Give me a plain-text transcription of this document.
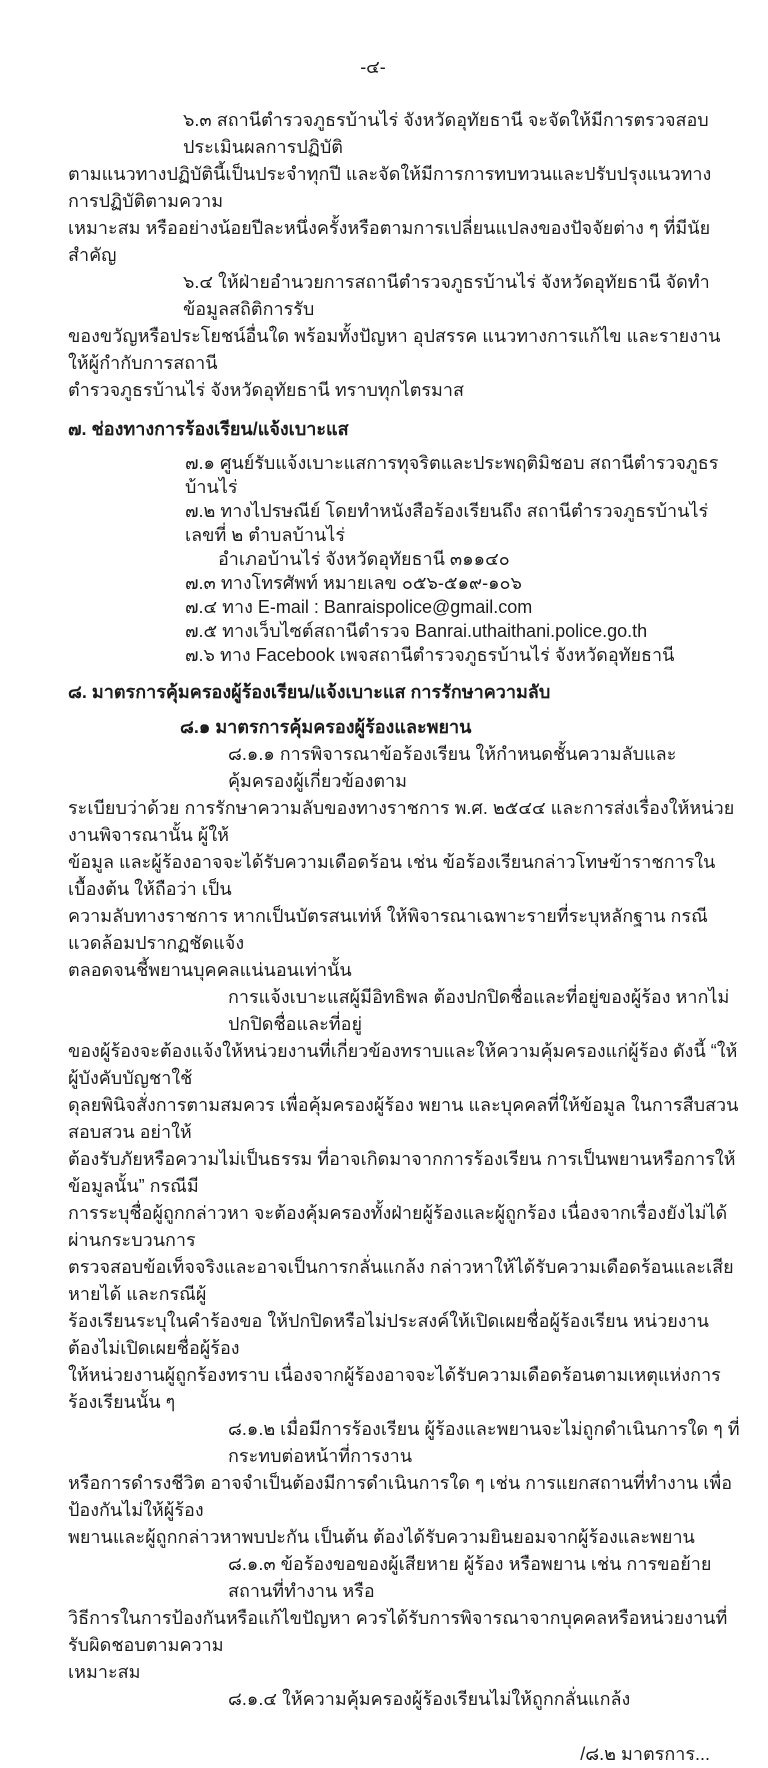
-๔-
๖.๓ สถานีตำรวจภูธรบ้านไร่ จังหวัดอุทัยธานี จะจัดให้มีการตรวจสอบ ประเมินผลการปฏิบัติ
ตามแนวทางปฏิบัตินี้เป็นประจำทุกปี และจัดให้มีการการทบทวนและปรับปรุงแนวทางการปฏิบัติตามความ
เหมาะสม หรืออย่างน้อยปีละหนึ่งครั้งหรือตามการเปลี่ยนแปลงของปัจจัยต่าง ๆ ที่มีนัยสำคัญ
๖.๔ ให้ฝ่ายอำนวยการสถานีตำรวจภูธรบ้านไร่ จังหวัดอุทัยธานี จัดทำข้อมูลสถิติการรับ
ของขวัญหรือประโยชน์อื่นใด พร้อมทั้งปัญหา อุปสรรค แนวทางการแก้ไข และรายงานให้ผู้กำกับการสถานี
ตำรวจภูธรบ้านไร่ จังหวัดอุทัยธานี ทราบทุกไตรมาส
๗. ช่องทางการร้องเรียน/แจ้งเบาะแส
๗.๑ ศูนย์รับแจ้งเบาะแสการทุจริตและประพฤติมิชอบ สถานีตำรวจภูธรบ้านไร่
๗.๒ ทางไปรษณีย์ โดยทำหนังสือร้องเรียนถึง สถานีตำรวจภูธรบ้านไร่ เลขที่ ๒ ตำบลบ้านไร่
อำเภอบ้านไร่ จังหวัดอุทัยธานี ๓๑๑๔๐
๗.๓ ทางโทรศัพท์ หมายเลข ๐๕๖-๕๑๙-๑๐๖
๗.๔ ทาง E-mail : Banraispolice@gmail.com
๗.๕ ทางเว็บไซต์สถานีตำรวจ Banrai.uthaithani.police.go.th
๗.๖ ทาง Facebook เพจสถานีตำรวจภูธรบ้านไร่ จังหวัดอุทัยธานี
๘. มาตรการคุ้มครองผู้ร้องเรียน/แจ้งเบาะแส การรักษาความลับ
๘.๑ มาตรการคุ้มครองผู้ร้องและพยาน
๘.๑.๑ การพิจารณาข้อร้องเรียน ให้กำหนดชั้นความลับและคุ้มครองผู้เกี่ยวข้องตาม
ระเบียบว่าด้วย การรักษาความลับของทางราชการ พ.ศ. ๒๕๔๔ และการส่งเรื่องให้หน่วยงานพิจารณานั้น ผู้ให้
ข้อมูล และผู้ร้องอาจจะได้รับความเดือดร้อน เช่น ข้อร้องเรียนกล่าวโทษข้าราชการในเบื้องต้น ให้ถือว่า เป็น
ความลับทางราชการ หากเป็นบัตรสนเท่ห์ ให้พิจารณาเฉพาะรายที่ระบุหลักฐาน กรณีแวดล้อมปรากฏชัดแจ้ง
ตลอดจนชี้พยานบุคคลแน่นอนเท่านั้น
การแจ้งเบาะแสผู้มีอิทธิพล ต้องปกปิดชื่อและที่อยู่ของผู้ร้อง หากไม่ปกปิดชื่อและที่อยู่
ของผู้ร้องจะต้องแจ้งให้หน่วยงานที่เกี่ยวข้องทราบและให้ความคุ้มครองแก่ผู้ร้อง ดังนี้ “ให้ผู้บังคับบัญชาใช้
ดุลยพินิจสั่งการตามสมควร เพื่อคุ้มครองผู้ร้อง พยาน และบุคคลที่ให้ข้อมูล ในการสืบสวนสอบสวน อย่าให้
ต้องรับภัยหรือความไม่เป็นธรรม ที่อาจเกิดมาจากการร้องเรียน การเป็นพยานหรือการให้ข้อมูลนั้น” กรณีมี
การระบุชื่อผู้ถูกกล่าวหา จะต้องคุ้มครองทั้งฝ่ายผู้ร้องและผู้ถูกร้อง เนื่องจากเรื่องยังไม่ได้ผ่านกระบวนการ
ตรวจสอบข้อเท็จจริงและอาจเป็นการกลั่นแกล้ง กล่าวหาให้ได้รับความเดือดร้อนและเสียหายได้ และกรณีผู้
ร้องเรียนระบุในคำร้องขอ ให้ปกปิดหรือไม่ประสงค์ให้เปิดเผยชื่อผู้ร้องเรียน หน่วยงานต้องไม่เปิดเผยชื่อผู้ร้อง
ให้หน่วยงานผู้ถูกร้องทราบ เนื่องจากผู้ร้องอาจจะได้รับความเดือดร้อนตามเหตุแห่งการร้องเรียนนั้น ๆ
๘.๑.๒ เมื่อมีการร้องเรียน ผู้ร้องและพยานจะไม่ถูกดำเนินการใด ๆ ที่กระทบต่อหน้าที่การงาน
หรือการดำรงชีวิต อาจจำเป็นต้องมีการดำเนินการใด ๆ เช่น การแยกสถานที่ทำงาน เพื่อป้องกันไม่ให้ผู้ร้อง
พยานและผู้ถูกกล่าวหาพบปะกัน เป็นต้น ต้องได้รับความยินยอมจากผู้ร้องและพยาน
๘.๑.๓ ข้อร้องขอของผู้เสียหาย ผู้ร้อง หรือพยาน เช่น การขอย้ายสถานที่ทำงาน หรือ
วิธีการในการป้องกันหรือแก้ไขปัญหา ควรได้รับการพิจารณาจากบุคคลหรือหน่วยงานที่รับผิดชอบตามความ
เหมาะสม
๘.๑.๔ ให้ความคุ้มครองผู้ร้องเรียนไม่ให้ถูกกลั่นแกล้ง
/๘.๒ มาตรการ...
